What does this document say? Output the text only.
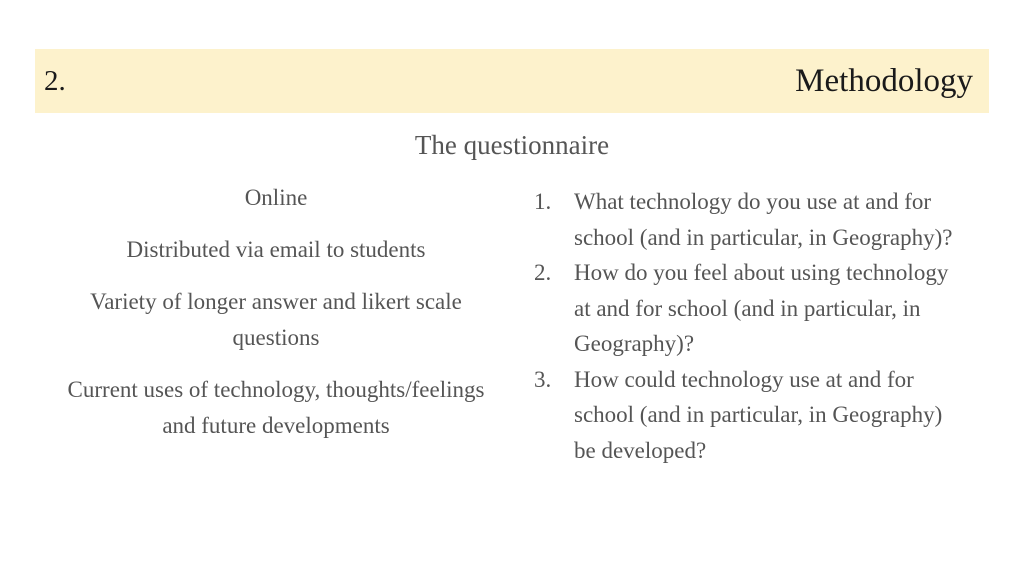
2.	Methodology
The questionnaire

Online

Distributed via email to students

Variety of longer answer and likert scale questions

Current uses of technology, thoughts/feelings and future developments

1. What technology do you use at and for school (and in particular, in Geography)?
2. How do you feel about using technology at and for school (and in particular, in Geography)?
3. How could technology use at and for school (and in particular, in Geography) be developed?
